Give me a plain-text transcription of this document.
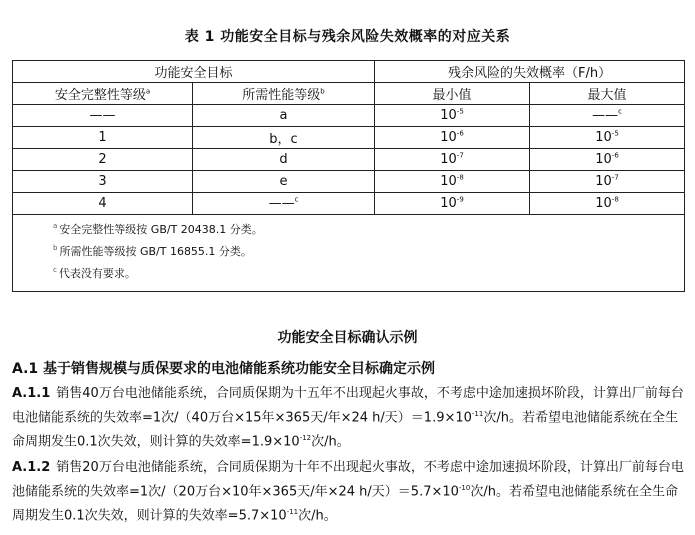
表 1 功能安全目标与残余风险失效概率的对应关系
功能安全目标		残余风险的失效概率（F/h）	
安全完整性等级$^a$	所需性能等级$^b$	最小值	最大值
——	a	$10^{-5}$	——$^c$
1	b，c	$10^{-6}$	$10^{-5}$
2	d	$10^{-7}$	$10^{-6}$
3	e	$10^{-8}$	$10^{-7}$
4	——$^c$	$10^{-9}$	$10^{-8}$

$^a$ 安全完整性等级按 GB/T 20438.1 分类。
$^b$ 所需性能等级按 GB/T 16855.1 分类。
$^c$ 代表没有要求。			
功能安全目标确认示例
A.1 基于销售规模与质保要求的电池储能系统功能安全目标确定示例
A.1.1 销售40万台电池储能系统，合同质保期为十五年不出现起火事故，不考虑中途加速损坏阶段，计算出厂前每台电池储能系统的失效率=1次/（40万台×15年×365天/年×24 h/天）$=1.9\times 10^{-11}$次/h。若希望电池储能系统在全生命周期发生0.1次失效，则计算的失效率$=1.9\times 10^{-12}$次/h。
A.1.2 销售20万台电池储能系统，合同质保期为十年不出现起火事故，不考虑中途加速损坏阶段，计算出厂前每台电池储能系统的失效率=1次/（20万台×10年×365天/年×24 h/天）$=5.7\times 10^{-10}$次/h。若希望电池储能系统在全生命周期发生0.1次失效，则计算的失效率$=5.7\times 10^{-11}$次/h。
